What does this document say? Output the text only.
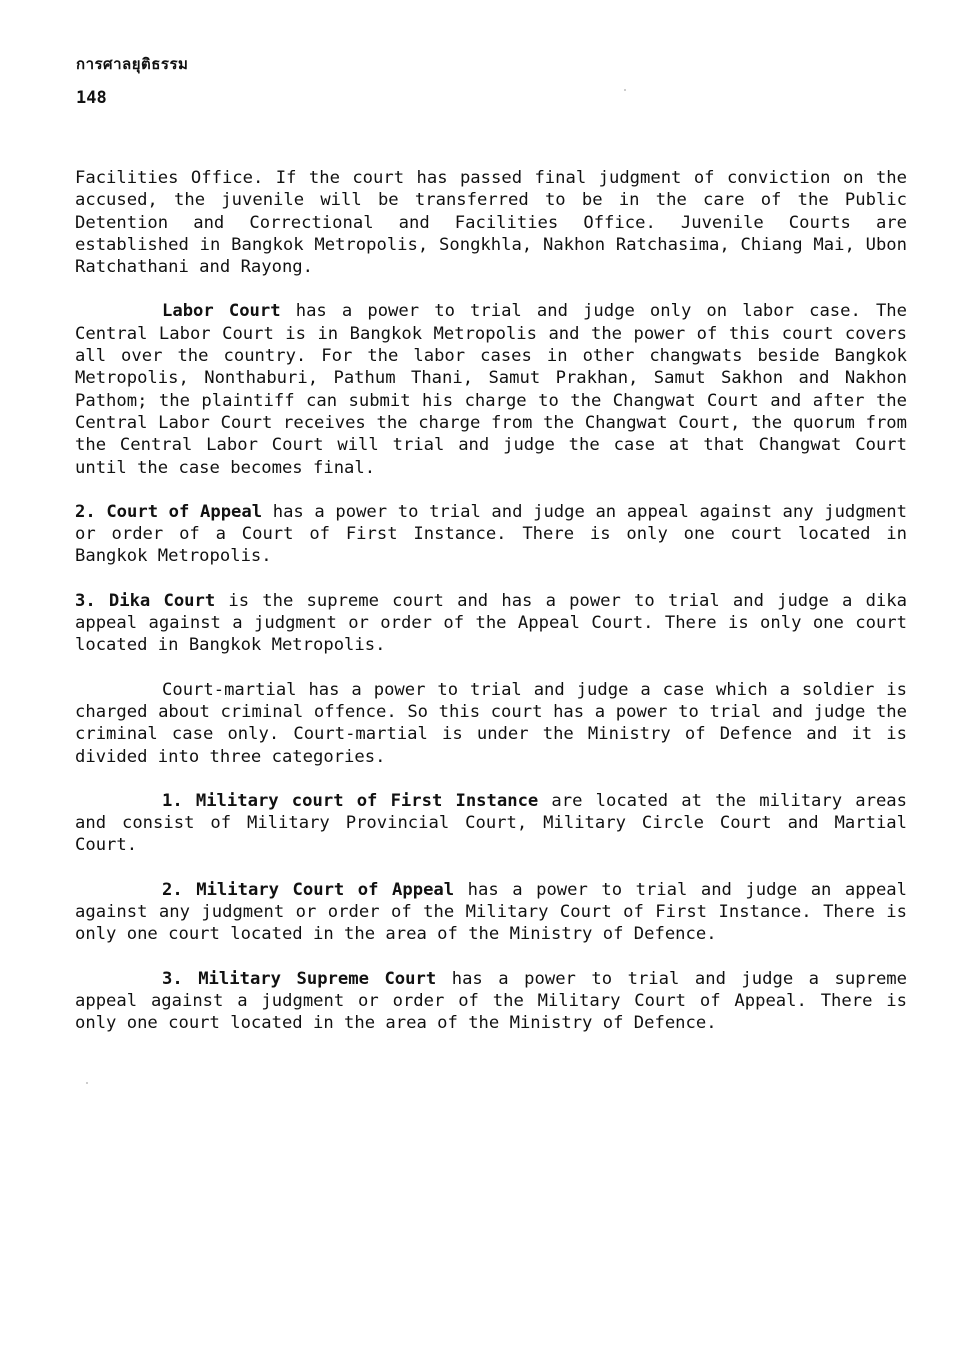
การศาลยุติธรรม
148

Facilities Office. If the court has passed final judgment of conviction on the accused, the juvenile will be transferred to be in the care of the Public Detention and Correctional and Facilities Office. Juvenile Courts are established in Bangkok Metropolis, Songkhla, Nakhon Ratchasima, Chiang Mai, Ubon Ratchathani and Rayong.

Labor Court has a power to trial and judge only on labor case. The Central Labor Court is in Bangkok Metropolis and the power of this court covers all over the country. For the labor cases in other changwats beside Bangkok Metropolis, Nonthaburi, Pathum Thani, Samut Prakhan, Samut Sakhon and Nakhon Pathom; the plaintiff can submit his charge to the Changwat Court and after the Central Labor Court receives the charge from the Changwat Court, the quorum from the Central Labor Court will trial and judge the case at that Changwat Court until the case becomes final.

2. Court of Appeal has a power to trial and judge an appeal against any judgment or order of a Court of First Instance. There is only one court located in Bangkok Metropolis.

3. Dika Court is the supreme court and has a power to trial and judge a dika appeal against a judgment or order of the Appeal Court. There is only one court located in Bangkok Metropolis.

Court-martial has a power to trial and judge a case which a soldier is charged about criminal offence. So this court has a power to trial and judge the criminal case only. Court-martial is under the Ministry of Defence and it is divided into three categories.

1. Military court of First Instance are located at the military areas and consist of Military Provincial Court, Military Circle Court and Martial Court.

2. Military Court of Appeal has a power to trial and judge an appeal against any judgment or order of the Military Court of First Instance. There is only one court located in the area of the Ministry of Defence.

3. Military Supreme Court has a power to trial and judge a supreme appeal against a judgment or order of the Military Court of Appeal. There is only one court located in the area of the Ministry of Defence.
